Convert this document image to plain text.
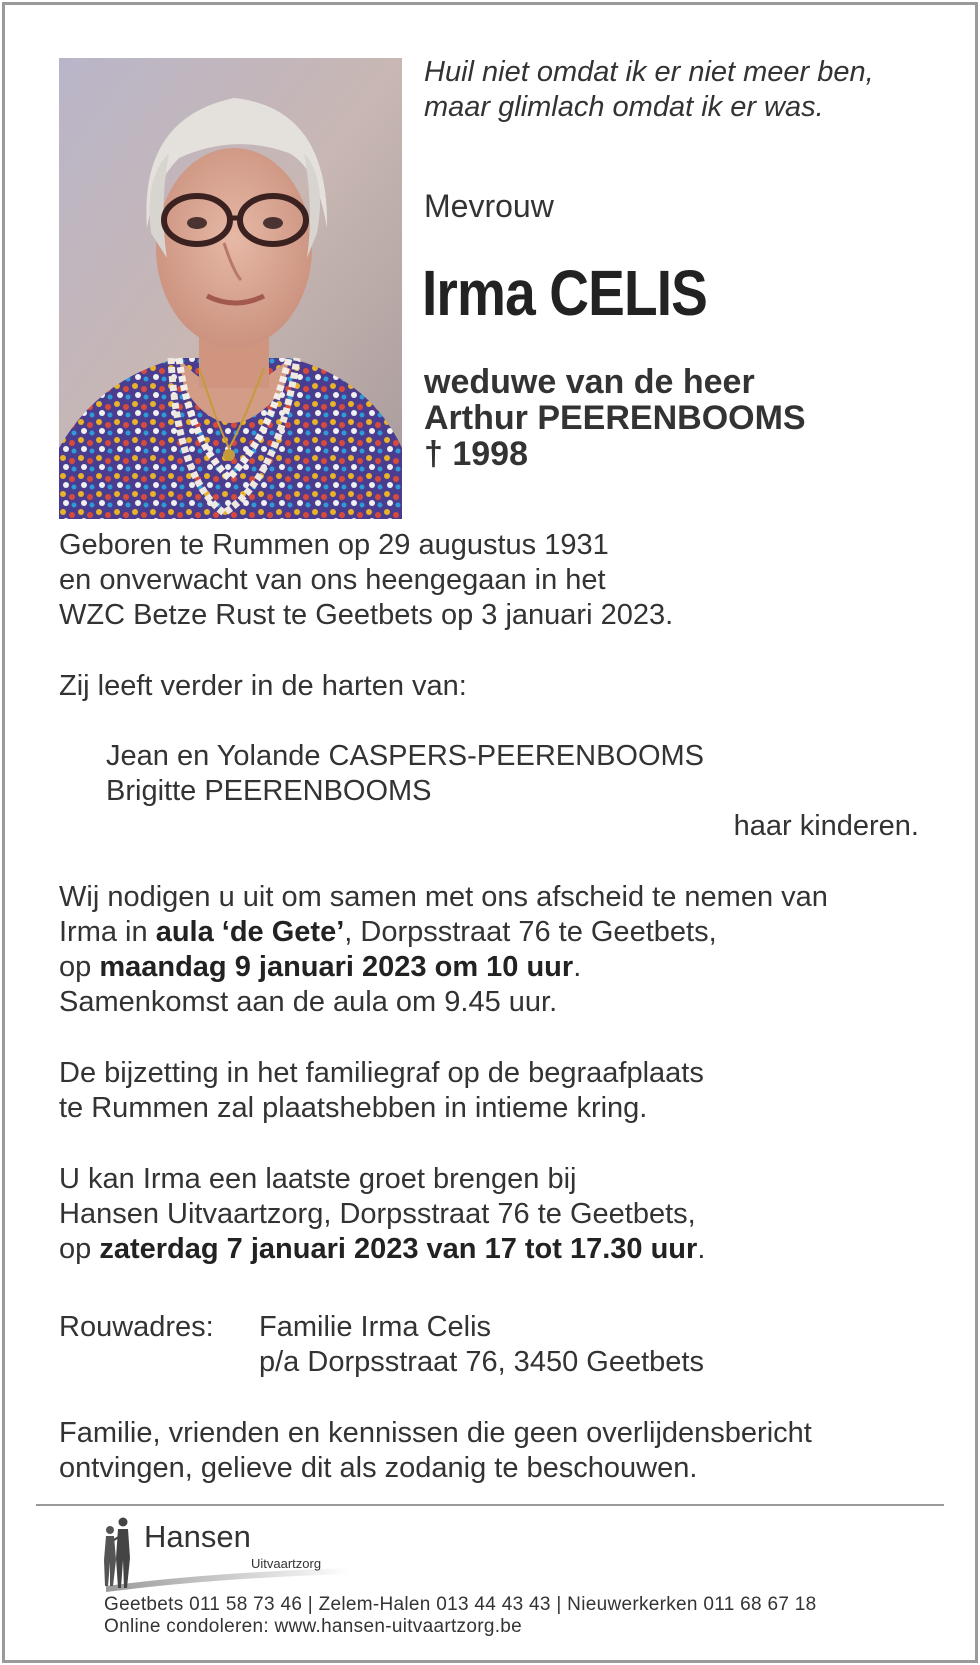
Huil niet omdat ik er niet meer ben,
maar glimlach omdat ik er was.
Mevrouw
Irma CELIS
weduwe van de heer
Arthur PEERENBOOMS
† 1998
Geboren te Rummen op 29 augustus 1931
en onverwacht van ons heengegaan in het
WZC Betze Rust te Geetbets op 3 januari 2023.
Zij leeft verder in de harten van:
Jean en Yolande CASPERS-PEERENBOOMS
Brigitte PEERENBOOMS
haar kinderen.
Wij nodigen u uit om samen met ons afscheid te nemen van
Irma in aula ‘de Gete’, Dorpsstraat 76 te Geetbets,
op maandag 9 januari 2023 om 10 uur.
Samenkomst aan de aula om 9.45 uur.
De bijzetting in het familiegraf op de begraafplaats
te Rummen zal plaatshebben in intieme kring.
U kan Irma een laatste groet brengen bij
Hansen Uitvaartzorg, Dorpsstraat 76 te Geetbets,
op zaterdag 7 januari 2023 van 17 tot 17.30 uur.
Rouwadres: Familie Irma Celis
p/a Dorpsstraat 76, 3450 Geetbets
Familie, vrienden en kennissen die geen overlijdensbericht
ontvingen, gelieve dit als zodanig te beschouwen.
Hansen
Uitvaartzorg
Geetbets 011 58 73 46 | Zelem-Halen 013 44 43 43 | Nieuwerkerken 011 68 67 18
Online condoleren: www.hansen-uitvaartzorg.be
